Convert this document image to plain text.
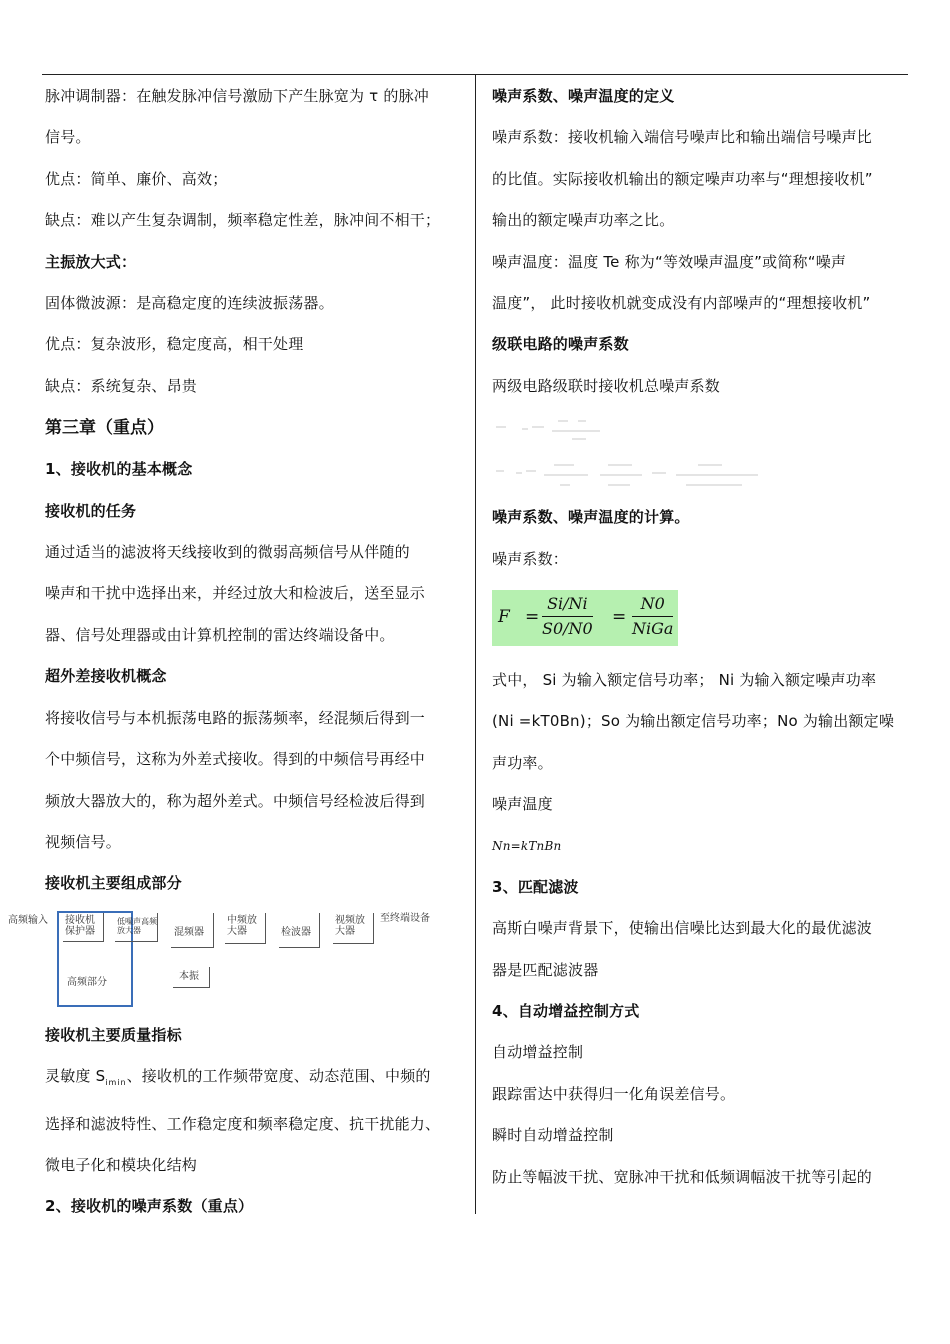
脉冲调制器：在触发脉冲信号激励下产生脉宽为 τ 的脉冲

信号。

优点：简单、廉价、高效；

缺点：难以产生复杂调制，频率稳定性差，脉冲间不相干；

主振放大式：

固体微波源：是高稳定度的连续波振荡器。

优点：复杂波形，稳定度高，相干处理

缺点：系统复杂、昂贵

第三章（重点）

1、接收机的基本概念

接收机的任务

通过适当的滤波将天线接收到的微弱高频信号从伴随的

噪声和干扰中选择出来，并经过放大和检波后，送至显示

器、信号处理器或由计算机控制的雷达终端设备中。

超外差接收机概念

将接收信号与本机振荡电路的振荡频率，经混频后得到一

个中频信号，这称为外差式接收。得到的中频信号再经中

频放大器放大的，称为超外差式。中频信号经检波后得到

视频信号。

接收机主要组成部分

高频输入 接收机保护器
低噪声高频放大器	混频器
中频放大器	检波器
视频放大器
至终端设备
高频部分
本振

接收机主要质量指标

灵敏度 $S_{imin}$、接收机的工作频带宽度、动态范围、中频的

选择和滤波特性、工作稳定度和频率稳定度、抗干扰能力、

微电子化和模块化结构

2、接收机的噪声系数（重点）

噪声系数、噪声温度的定义

噪声系数：接收机输入端信号噪声比和输出端信号噪声比

的比值。实际接收机输出的额定噪声功率与“理想接收机”

输出的额定噪声功率之比。

噪声温度：温度 Te 称为“等效噪声温度”或简称“噪声

温度”， 此时接收机就变成没有内部噪声的“理想接收机”

级联电路的噪声系数

两级电路级联时接收机总噪声系数

噪声系数、噪声温度的计算。

噪声系数：

$F = \frac{Si/Ni}{S0/N0}$ =
N0
NiGa

式中， Si 为输入额定信号功率； Ni 为输入额定噪声功率

(Ni =kT0Bn)；So 为输出额定信号功率；No 为输出额定噪

声功率。

噪声温度

Nn=kTnBn

3、匹配滤波

高斯白噪声背景下，使输出信噪比达到最大化的最优滤波

器是匹配滤波器

4、自动增益控制方式

自动增益控制

跟踪雷达中获得归一化角误差信号。

瞬时自动增益控制

防止等幅波干扰、宽脉冲干扰和低频调幅波干扰等引起的
